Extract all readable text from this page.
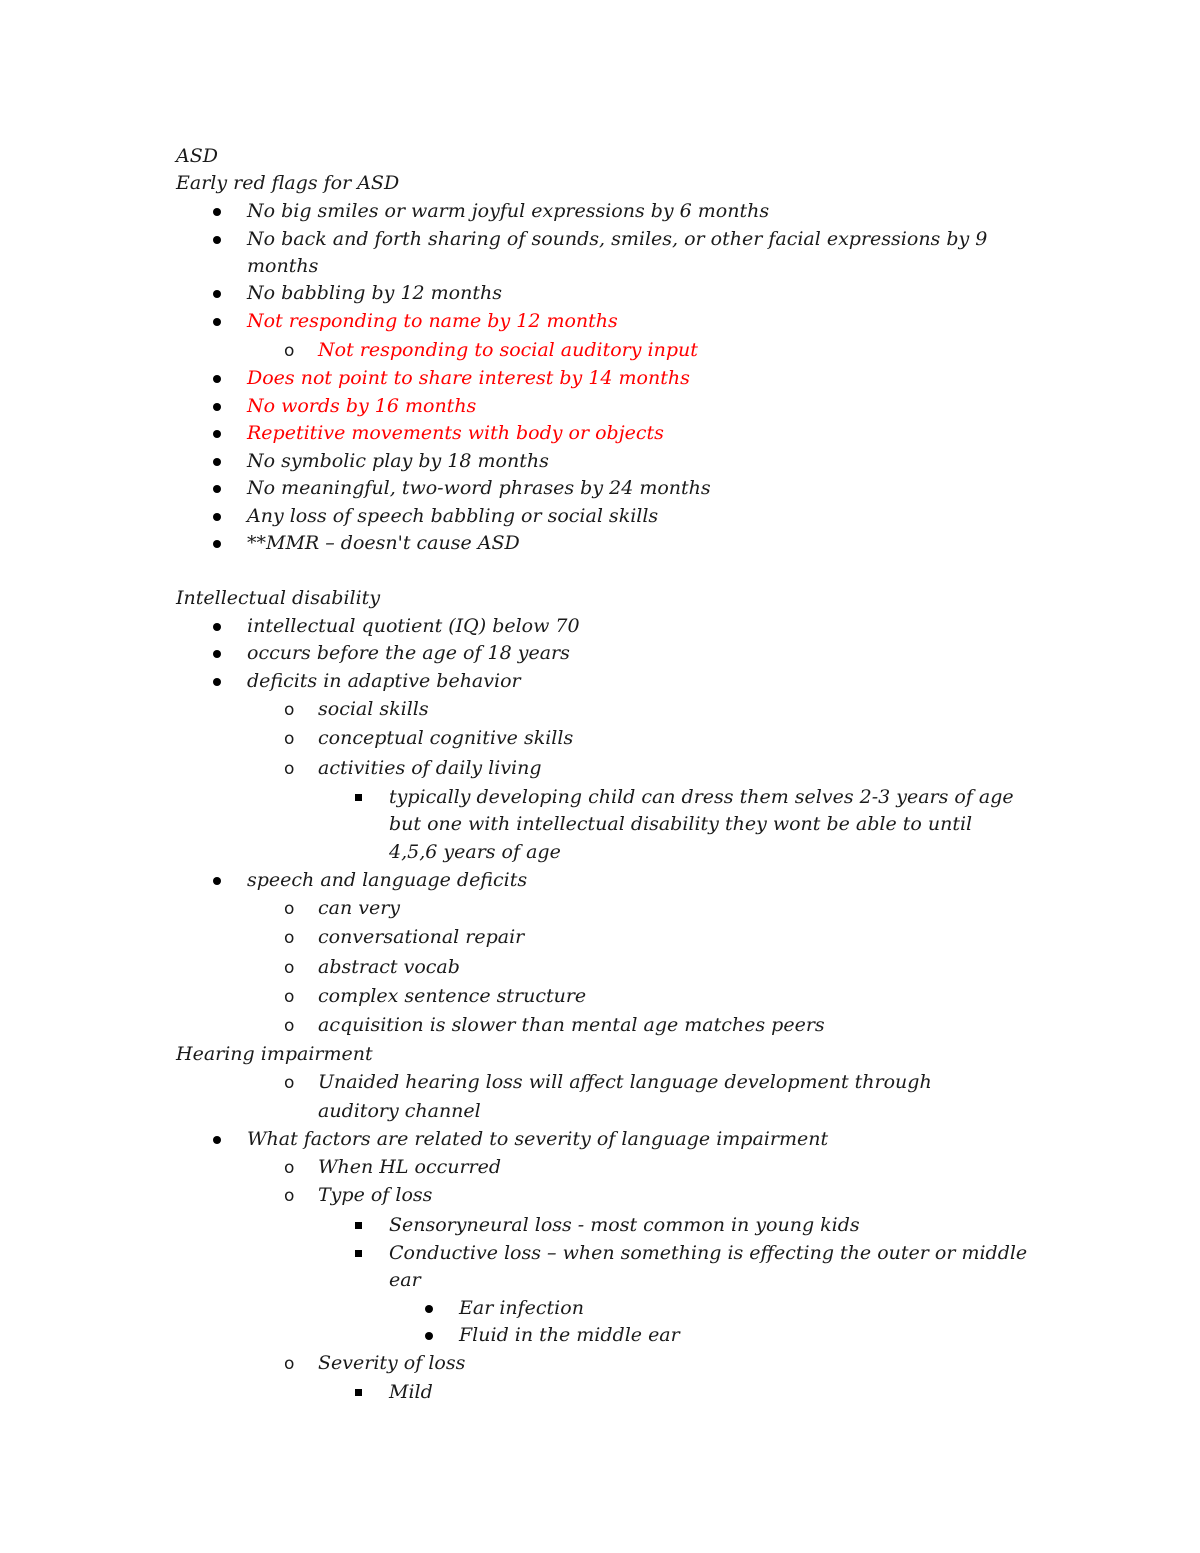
ASD
Early red flags for ASD
No big smiles or warm joyful expressions by 6 months
No back and forth sharing of sounds, smiles, or other facial expressions by 9
months
No babbling by 12 months
Not responding to name by 12 months
Not responding to social auditory input
o
Does not point to share interest by 14 months
No words by 16 months
Repetitive movements with body or objects
No symbolic play by 18 months
No meaningful, two-word phrases by 24 months
Any loss of speech babbling or social skills
**MMR – doesn't cause ASD
Intellectual disability
intellectual quotient (IQ) below 70
occurs before the age of 18 years
deficits in adaptive behavior
social skills
o
conceptual cognitive skills
o
activities of daily living
o
typically developing child can dress them selves 2-3 years of age
but one with intellectual disability they wont be able to until
4,5,6 years of age
speech and language deficits
can very
o
conversational repair
o
abstract vocab
o
complex sentence structure
o
acquisition is slower than mental age matches peers
o
Hearing impairment
Unaided hearing loss will affect language development through
o
auditory channel
What factors are related to severity of language impairment
When HL occurred
o
Type of loss
o
Sensoryneural loss - most common in young kids
Conductive loss – when something is effecting the outer or middle
ear
Ear infection
Fluid in the middle ear
Severity of loss
o
Mild
